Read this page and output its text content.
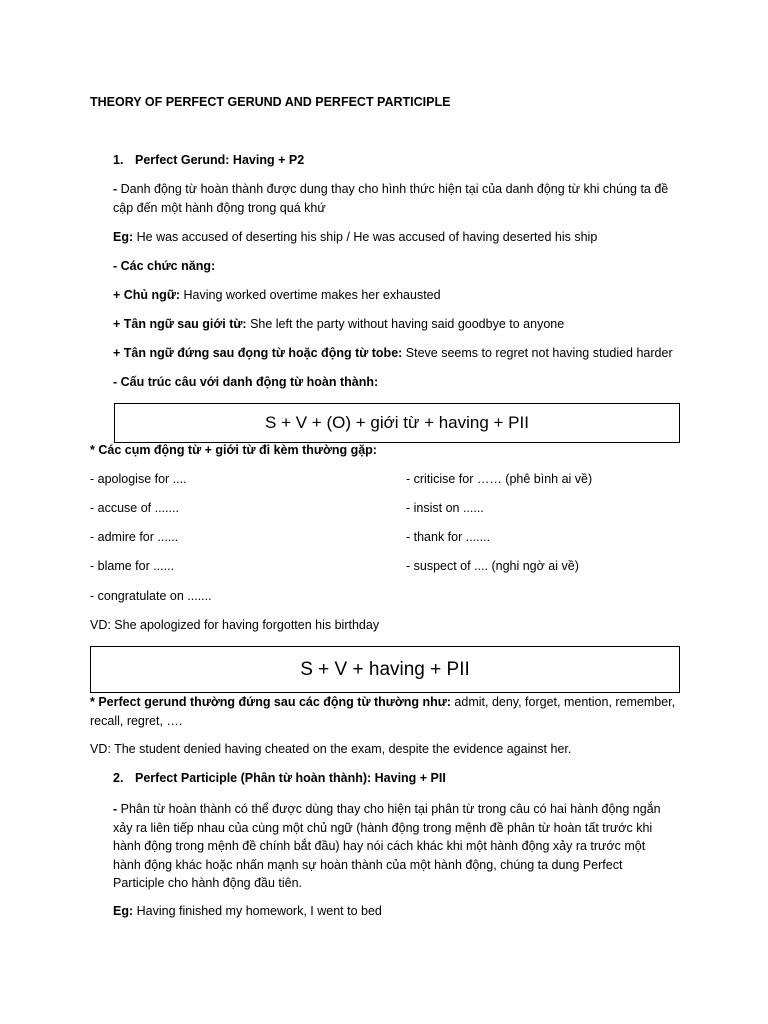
THEORY OF PERFECT GERUND AND PERFECT PARTICIPLE
1. Perfect Gerund: Having + P2
- Danh động từ hoàn thành được dung thay cho hình thức hiện tại của danh động từ khi chúng ta đề cập đến một hành động trong quá khứ
Eg: He was accused of deserting his ship / He was accused of having deserted his ship
- Các chức năng:
+ Chủ ngữ: Having worked overtime makes her exhausted
+ Tân ngữ sau giới từ: She left the party without having said goodbye to anyone
+ Tân ngữ đứng sau đọng từ hoặc động từ tobe: Steve seems to regret not having studied harder
- Cấu trúc câu với danh động từ hoàn thành:
S + V + (O) + giới từ + having + PII
* Các cụm động từ + giới từ đi kèm thường gặp:
- apologise for ....
- accuse of .......
- admire for ......
- blame for ......
- congratulate on .......
- criticise for …… (phê bình ai về)
- insist on ......
- thank for .......
- suspect of .... (nghi ngờ ai về)
VD: She apologized for having forgotten his birthday
S + V + having + PII
* Perfect gerund thường đứng sau các động từ thường như: admit, deny, forget, mention, remember, recall, regret, ….
VD: The student denied having cheated on the exam, despite the evidence against her.
2. Perfect Participle (Phân từ hoàn thành): Having + PII
- Phân từ hoàn thành có thể được dùng thay cho hiện tại phân từ trong câu có hai hành động ngắn xảy ra liên tiếp nhau của cùng một chủ ngữ (hành động trong mệnh đề phân từ hoàn tất trước khi hành động trong mệnh đề chính bắt đầu) hay nói cách khác khi một hành động xảy ra trước một hành động khác hoặc nhấn mạnh sự hoàn thành của một hành động, chúng ta dung Perfect Participle cho hành động đầu tiên.
Eg: Having finished my homework, I went to bed
